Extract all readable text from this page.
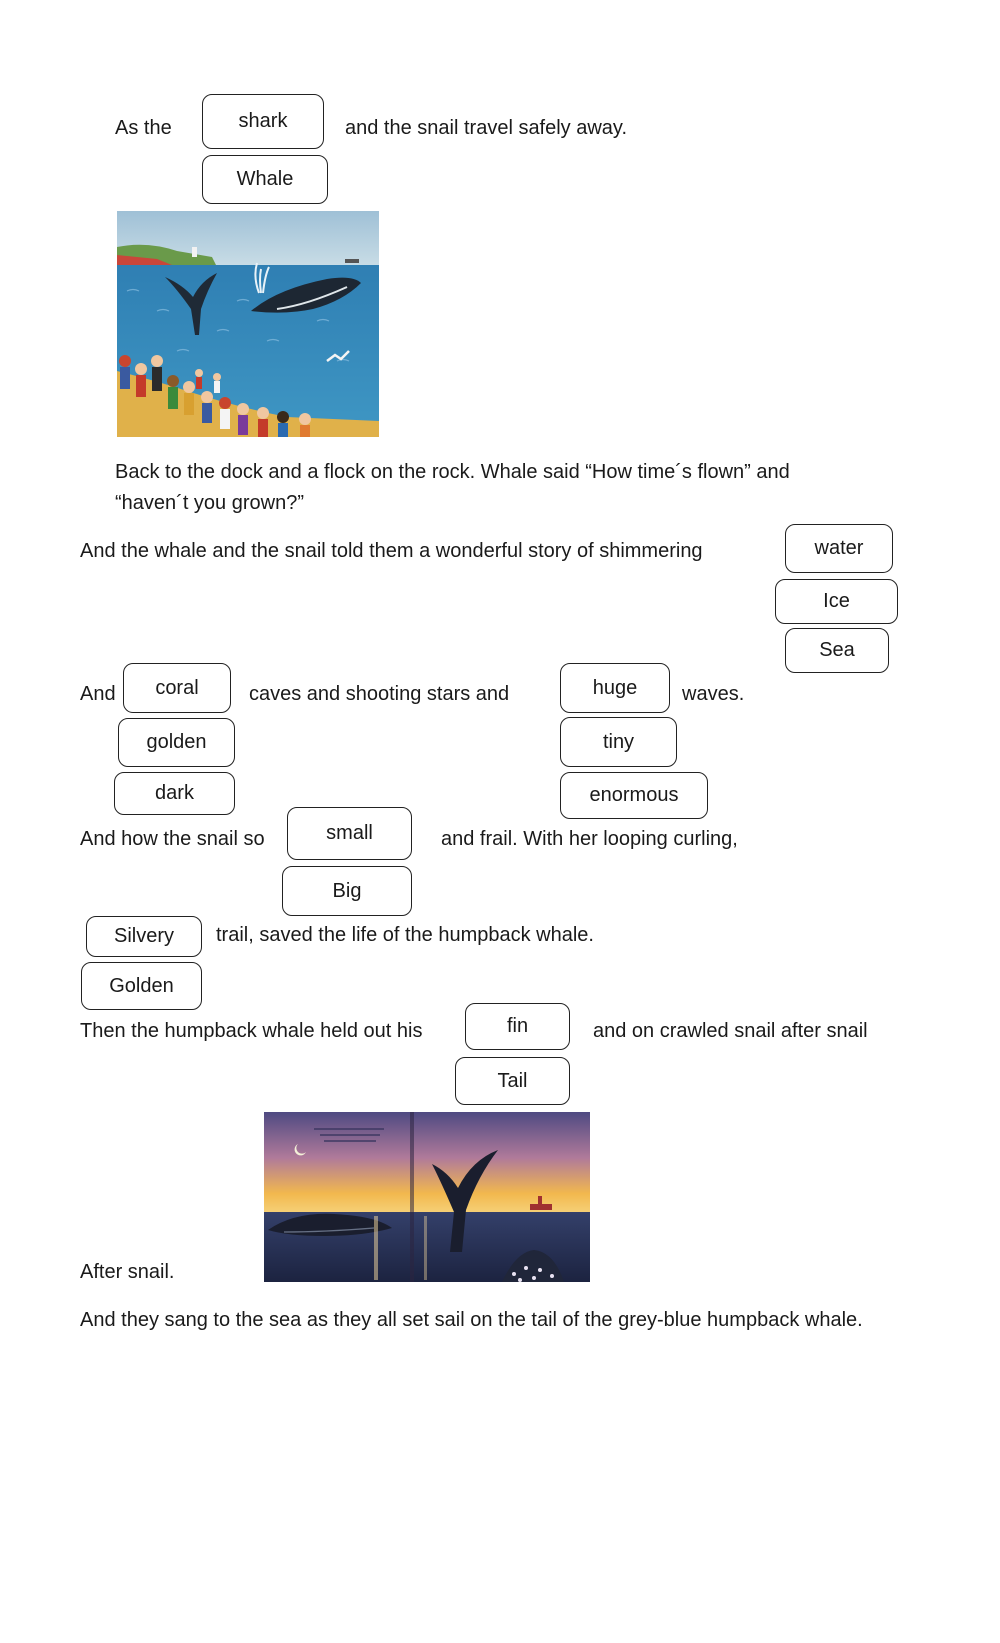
As the	shark
Whale
and the snail travel safely away.
Back to the dock and a flock on the rock. Whale said “How time´s flown” and
“haven´t you grown?”
And the whale and the snail told them a wonderful story of shimmering	water
Ice
Sea
And	coral
golden
dark
caves and shooting stars and	huge
tiny
enormous
waves.
And how the snail so	small
Big
and frail. With her looping curling,
Silvery
Golden
trail, saved the life of the humpback whale.
Then the humpback whale held out his	fin
Tail
and on crawled snail after snail
After snail.
And they sang to the sea as they all set sail on the tail of the grey-blue humpback whale.
